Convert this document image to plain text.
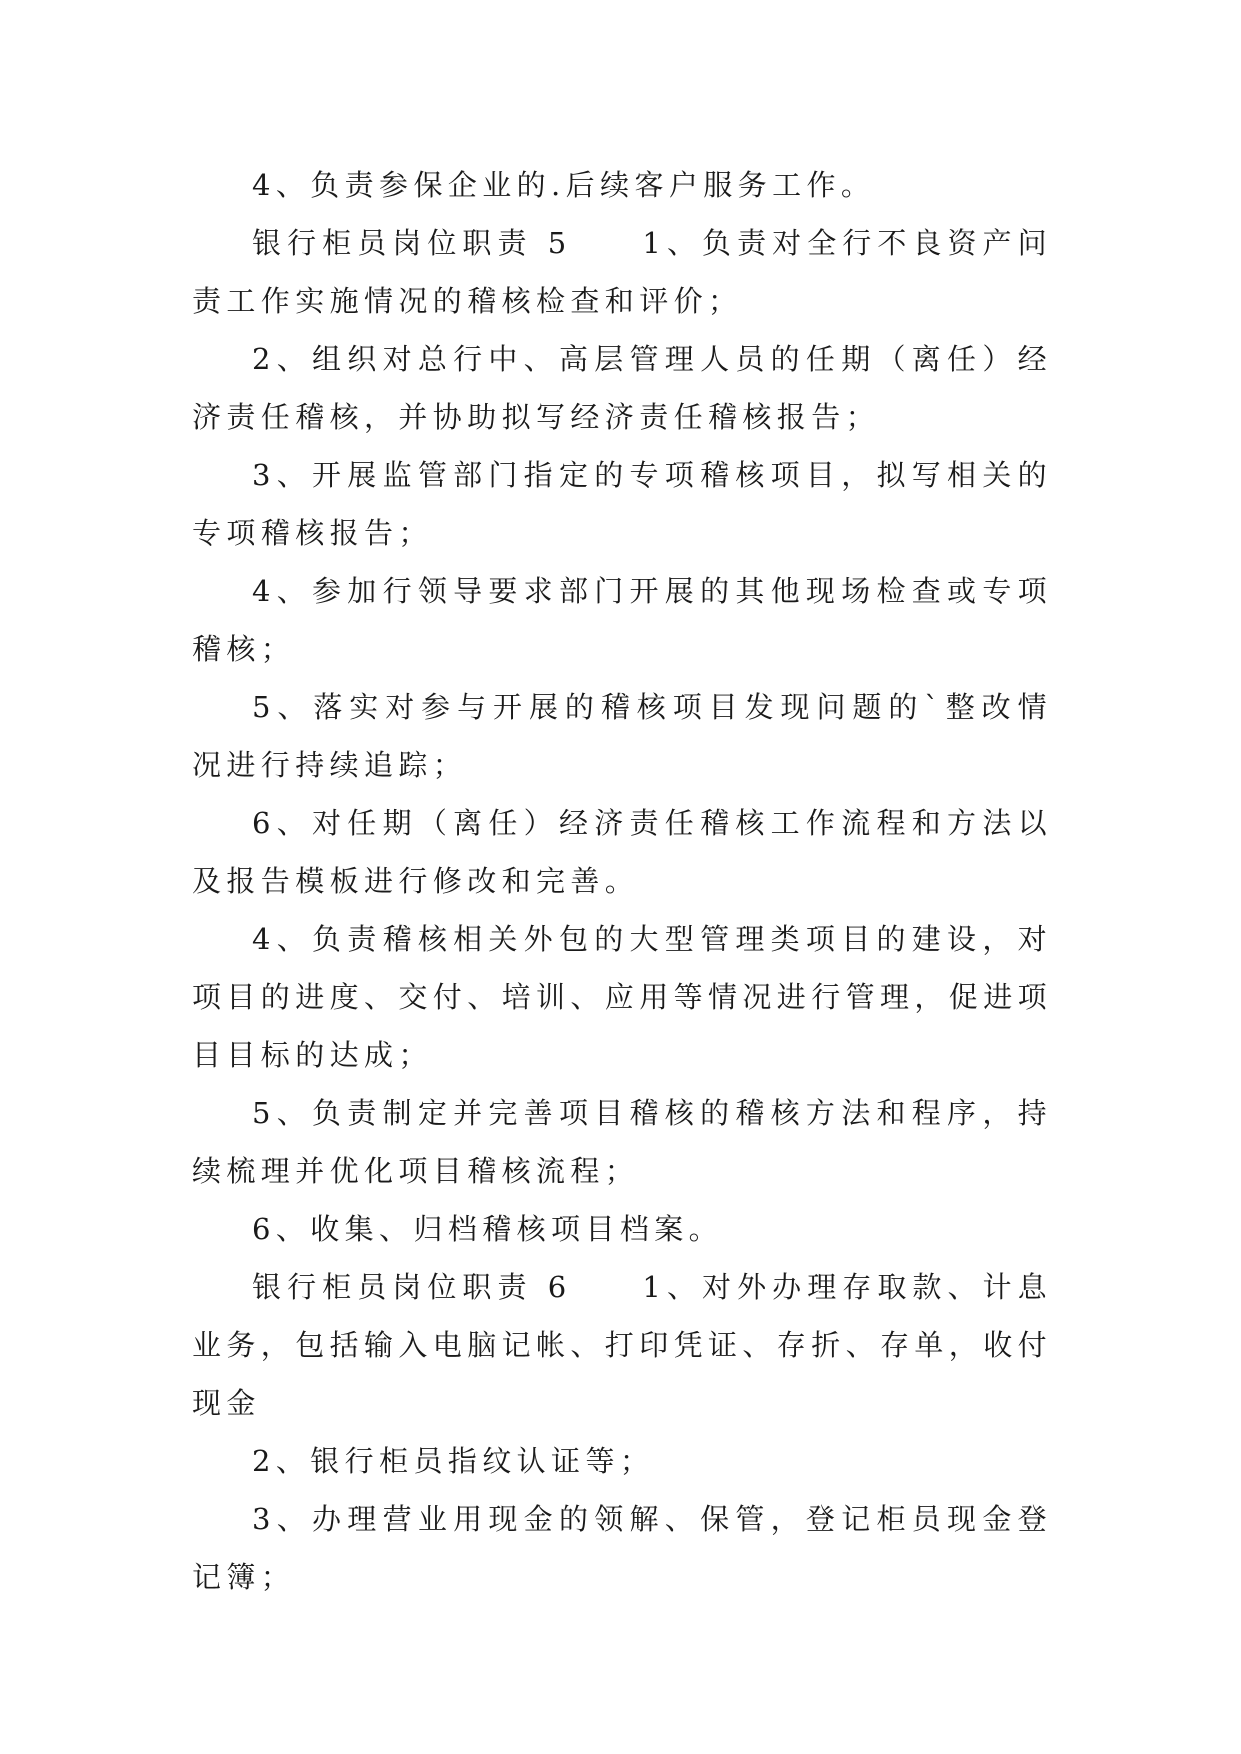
4、负责参保企业的.后续客户服务工作。

银行柜员岗位职责 5　　1、负责对全行不良资产问责工作实施情况的稽核检查和评价；

2、组织对总行中、高层管理人员的任期（离任）经济责任稽核，并协助拟写经济责任稽核报告；

3、开展监管部门指定的专项稽核项目，拟写相关的专项稽核报告；

4、参加行领导要求部门开展的其他现场检查或专项稽核；

5、落实对参与开展的稽核项目发现问题的`整改情况进行持续追踪；

6、对任期（离任）经济责任稽核工作流程和方法以及报告模板进行修改和完善。

4、负责稽核相关外包的大型管理类项目的建设，对项目的进度、交付、培训、应用等情况进行管理，促进项目目标的达成；

5、负责制定并完善项目稽核的稽核方法和程序，持续梳理并优化项目稽核流程；

6、收集、归档稽核项目档案。

银行柜员岗位职责 6　　1、对外办理存取款、计息业务，包括输入电脑记帐、打印凭证、存折、存单，收付现金

2、银行柜员指纹认证等；

3、办理营业用现金的领解、保管，登记柜员现金登记簿；
